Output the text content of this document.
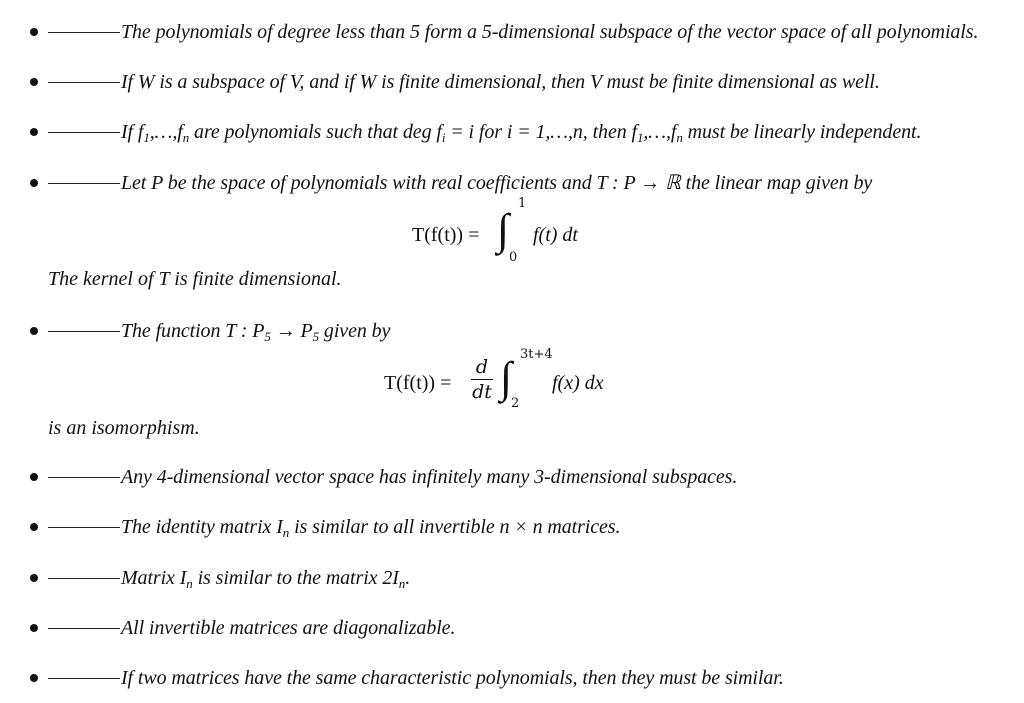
The polynomials of degree less than 5 form a 5-dimensional subspace of the vector space of all polynomials.
If W is a subspace of V, and if W is finite dimensional, then V must be finite dimensional as well.
If $f_1,\dots,f_n$ are polynomials such that deg $f_i = i$ for i = 1,…,n, then $f_1,\dots,f_n$ must be linearly independent.
Let P be the space of polynomials with real coefficients and T : P → ℝ the linear map given by
T(f(t)) = ∫
1
0
f(t) dt
The kernel of T is finite dimensional.
The function T : $P_5 \to P_5$ given by
T(f(t)) =
d
dt ∫ 3t+4
2
f(x) dx
is an isomorphism.
Any 4-dimensional vector space has infinitely many 3-dimensional subspaces.
The identity matrix $I_n$ is similar to all invertible n × n matrices.
Matrix $I_n$ is similar to the matrix $2I_n$.
All invertible matrices are diagonalizable.
If two matrices have the same characteristic polynomials, then they must be similar.
